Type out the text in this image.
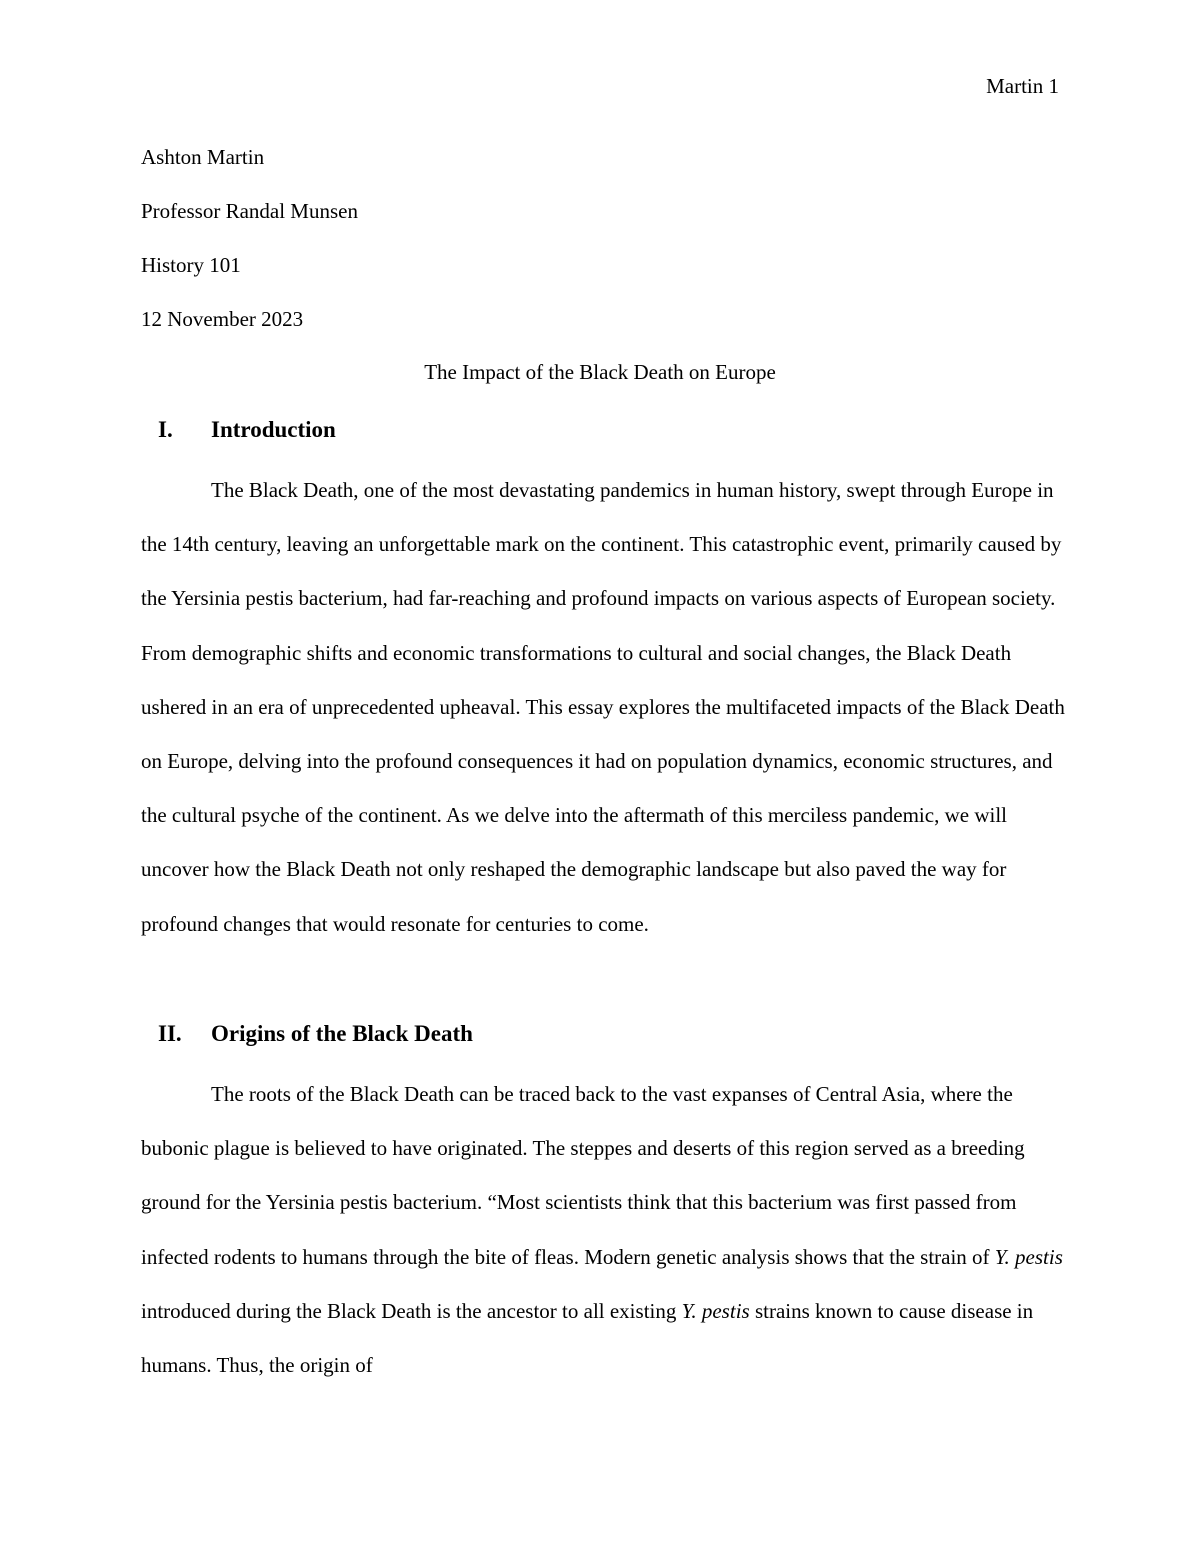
Martin 1
Ashton Martin
Professor Randal Munsen
History 101
12 November 2023
The Impact of the Black Death on Europe
I. Introduction

The Black Death, one of the most devastating pandemics in human history, swept through Europe in the 14th century, leaving an unforgettable mark on the continent. This catastrophic event, primarily caused by the Yersinia pestis bacterium, had far-reaching and profound impacts on various aspects of European society. From demographic shifts and economic transformations to cultural and social changes, the Black Death ushered in an era of unprecedented upheaval. This essay explores the multifaceted impacts of the Black Death on Europe, delving into the profound consequences it had on population dynamics, economic structures, and the cultural psyche of the continent. As we delve into the aftermath of this merciless pandemic, we will uncover how the Black Death not only reshaped the demographic landscape but also paved the way for profound changes that would resonate for centuries to come.

II. Origins of the Black Death

The roots of the Black Death can be traced back to the vast expanses of Central Asia, where the bubonic plague is believed to have originated. The steppes and deserts of this region served as a breeding ground for the Yersinia pestis bacterium. “Most scientists think that this bacterium was first passed from infected rodents to humans through the bite of fleas. Modern genetic analysis shows that the strain of Y. pestis introduced during the Black Death is the ancestor to all existing Y. pestis strains known to cause disease in humans. Thus, the origin of
